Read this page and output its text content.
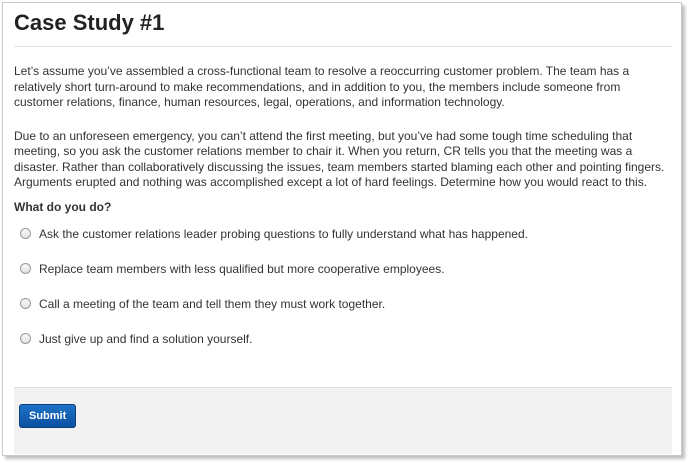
Case Study #1

Let’s assume you’ve assembled a cross-functional team to resolve a reoccurring customer problem. The team has a relatively short turn-around to make recommendations, and in addition to you, the members include someone from customer relations, finance, human resources, legal, operations, and information technology.

Due to an unforeseen emergency, you can’t attend the first meeting, but you’ve had some tough time scheduling that meeting, so you ask the customer relations member to chair it. When you return, CR tells you that the meeting was a disaster. Rather than collaboratively discussing the issues, team members started blaming each other and pointing fingers. Arguments erupted and nothing was accomplished except a lot of hard feelings. Determine how you would react to this.

What do you do?
Ask the customer relations leader probing questions to fully understand what has happened.
Replace team members with less qualified but more cooperative employees.
Call a meeting of the team and tell them they must work together.
Just give up and find a solution yourself.
Submit
